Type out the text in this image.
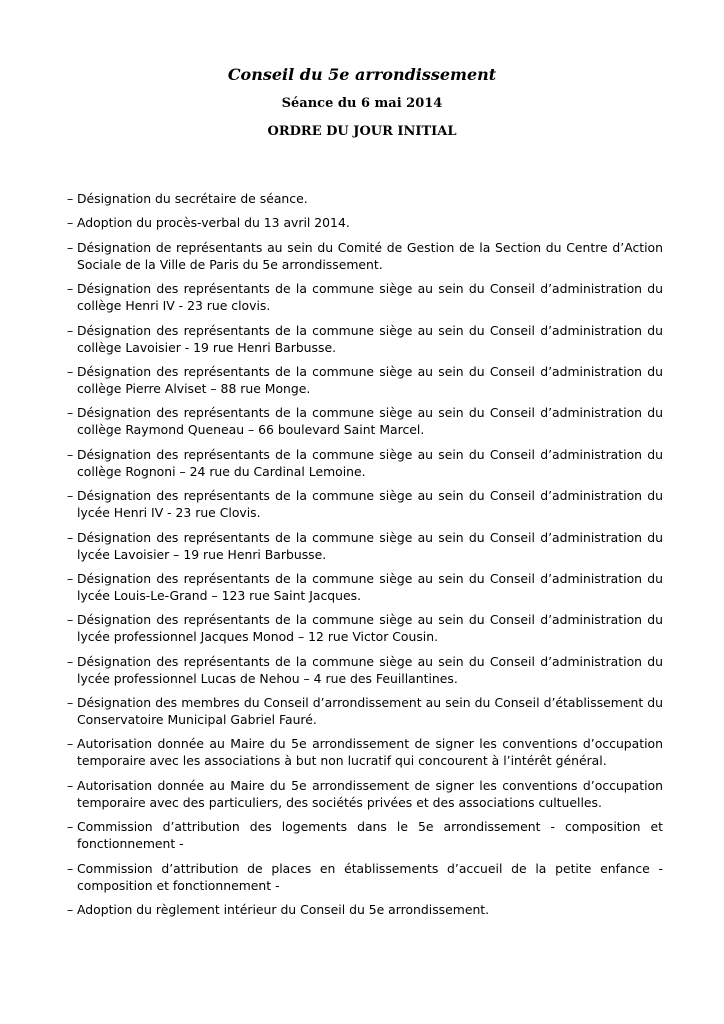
Conseil du 5e arrondissement

Séance du 6 mai 2014

ORDRE DU JOUR INITIAL

– Désignation du secrétaire de séance.
– Adoption du procès-verbal du 13 avril 2014.
– Désignation de représentants au sein du Comité de Gestion de la Section du Centre d’Action Sociale de la Ville de Paris du 5e arrondissement.
– Désignation des représentants de la commune siège au sein du Conseil d’administration du collège Henri IV - 23 rue clovis.
– Désignation des représentants de la commune siège au sein du Conseil d’administration du collège Lavoisier - 19 rue Henri Barbusse.
– Désignation des représentants de la commune siège au sein du Conseil d’administration du collège Pierre Alviset – 88 rue Monge.
– Désignation des représentants de la commune siège au sein du Conseil d’administration du collège Raymond Queneau – 66 boulevard Saint Marcel.
– Désignation des représentants de la commune siège au sein du Conseil d’administration du collège Rognoni – 24 rue du Cardinal Lemoine.
– Désignation des représentants de la commune siège au sein du Conseil d’administration du lycée Henri IV - 23 rue Clovis.
– Désignation des représentants de la commune siège au sein du Conseil d’administration du lycée Lavoisier – 19 rue Henri Barbusse.
– Désignation des représentants de la commune siège au sein du Conseil d’administration du lycée Louis-Le-Grand – 123 rue Saint Jacques.
– Désignation des représentants de la commune siège au sein du Conseil d’administration du lycée professionnel Jacques Monod – 12 rue Victor Cousin.
– Désignation des représentants de la commune siège au sein du Conseil d’administration du lycée professionnel Lucas de Nehou – 4 rue des Feuillantines.
– Désignation des membres du Conseil d’arrondissement au sein du Conseil d’établissement du Conservatoire Municipal Gabriel Fauré.
– Autorisation donnée au Maire du 5e arrondissement de signer les conventions d’occupation temporaire avec les associations à but non lucratif qui concourent à l’intérêt général.
– Autorisation donnée au Maire du 5e arrondissement de signer les conventions d’occupation temporaire avec des particuliers, des sociétés privées et des associations cultuelles.
– Commission d’attribution des logements dans le 5e arrondissement - composition et fonctionnement -
– Commission d’attribution de places en établissements d’accueil de la petite enfance - composition et fonctionnement -
– Adoption du règlement intérieur du Conseil du 5e arrondissement.
